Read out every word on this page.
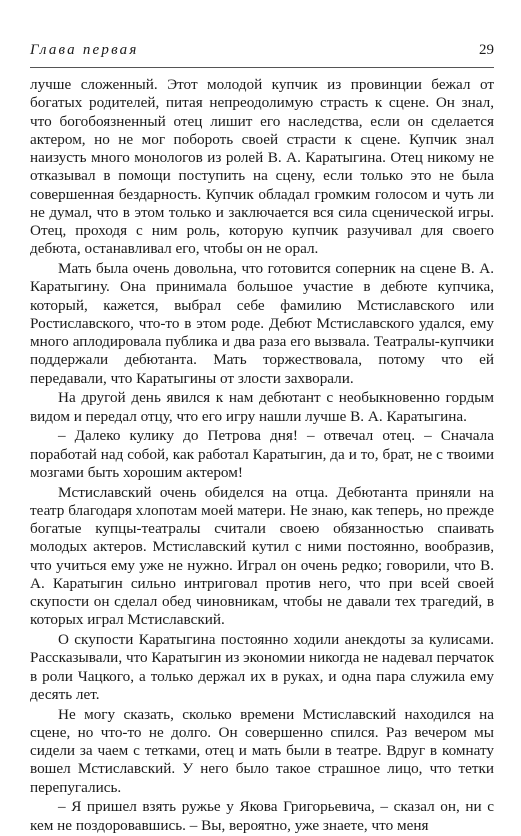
Глава первая	29

лучше сложенный. Этот молодой купчик из провинции бежал от богатых родителей, питая непреодолимую страсть к сцене. Он знал, что богобоязненный отец лишит его наследства, если он сделается актером, но не мог побороть своей страсти к сцене. Купчик знал наизусть много монологов из ролей В. А. Каратыгина. Отец никому не отказывал в помощи поступить на сцену, если только это не была совершенная бездарность. Купчик обладал громким голосом и чуть ли не думал, что в этом только и заключается вся сила сценической игры. Отец, проходя с ним роль, которую купчик разучивал для своего дебюта, останавливал его, чтобы он не орал.

Мать была очень довольна, что готовится соперник на сцене В. А. Каратыгину. Она принимала большое участие в дебюте купчика, который, кажется, выбрал себе фамилию Мстиславского или Ростиславского, что-то в этом роде. Дебют Мстиславского удался, ему много аплодировала публика и два раза его вызвала. Театралы-купчики поддержали дебютанта. Мать торжествовала, потому что ей передавали, что Каратыгины от злости захворали.

На другой день явился к нам дебютант с необыкновенно гордым видом и передал отцу, что его игру нашли лучше В. А. Каратыгина.

– Далеко кулику до Петрова дня! – отвечал отец. – Сначала поработай над собой, как работал Каратыгин, да и то, брат, не с твоими мозгами быть хорошим актером!

Мстиславский очень обиделся на отца. Дебютанта приняли на театр благодаря хлопотам моей матери. Не знаю, как теперь, но прежде богатые купцы-театралы считали своею обязанностью спаивать молодых актеров. Мстиславский кутил с ними постоянно, вообразив, что учиться ему уже не нужно. Играл он очень редко; говорили, что В. А. Каратыгин сильно интриговал против него, что при всей своей скупости он сделал обед чиновникам, чтобы не давали тех трагедий, в которых играл Мстиславский.

О скупости Каратыгина постоянно ходили анекдоты за кулисами. Рассказывали, что Каратыгин из экономии никогда не надевал перчаток в роли Чацкого, а только держал их в руках, и одна пара служила ему десять лет.

Не могу сказать, сколько времени Мстиславский находился на сцене, но что-то не долго. Он совершенно спился. Раз вечером мы сидели за чаем с тетками, отец и мать были в театре. Вдруг в комнату вошел Мстиславский. У него было такое страшное лицо, что тетки перепугались.

– Я пришел взять ружье у Якова Григорьевича, – сказал он, ни с кем не поздоровавшись. – Вы, вероятно, уже знаете, что меня
